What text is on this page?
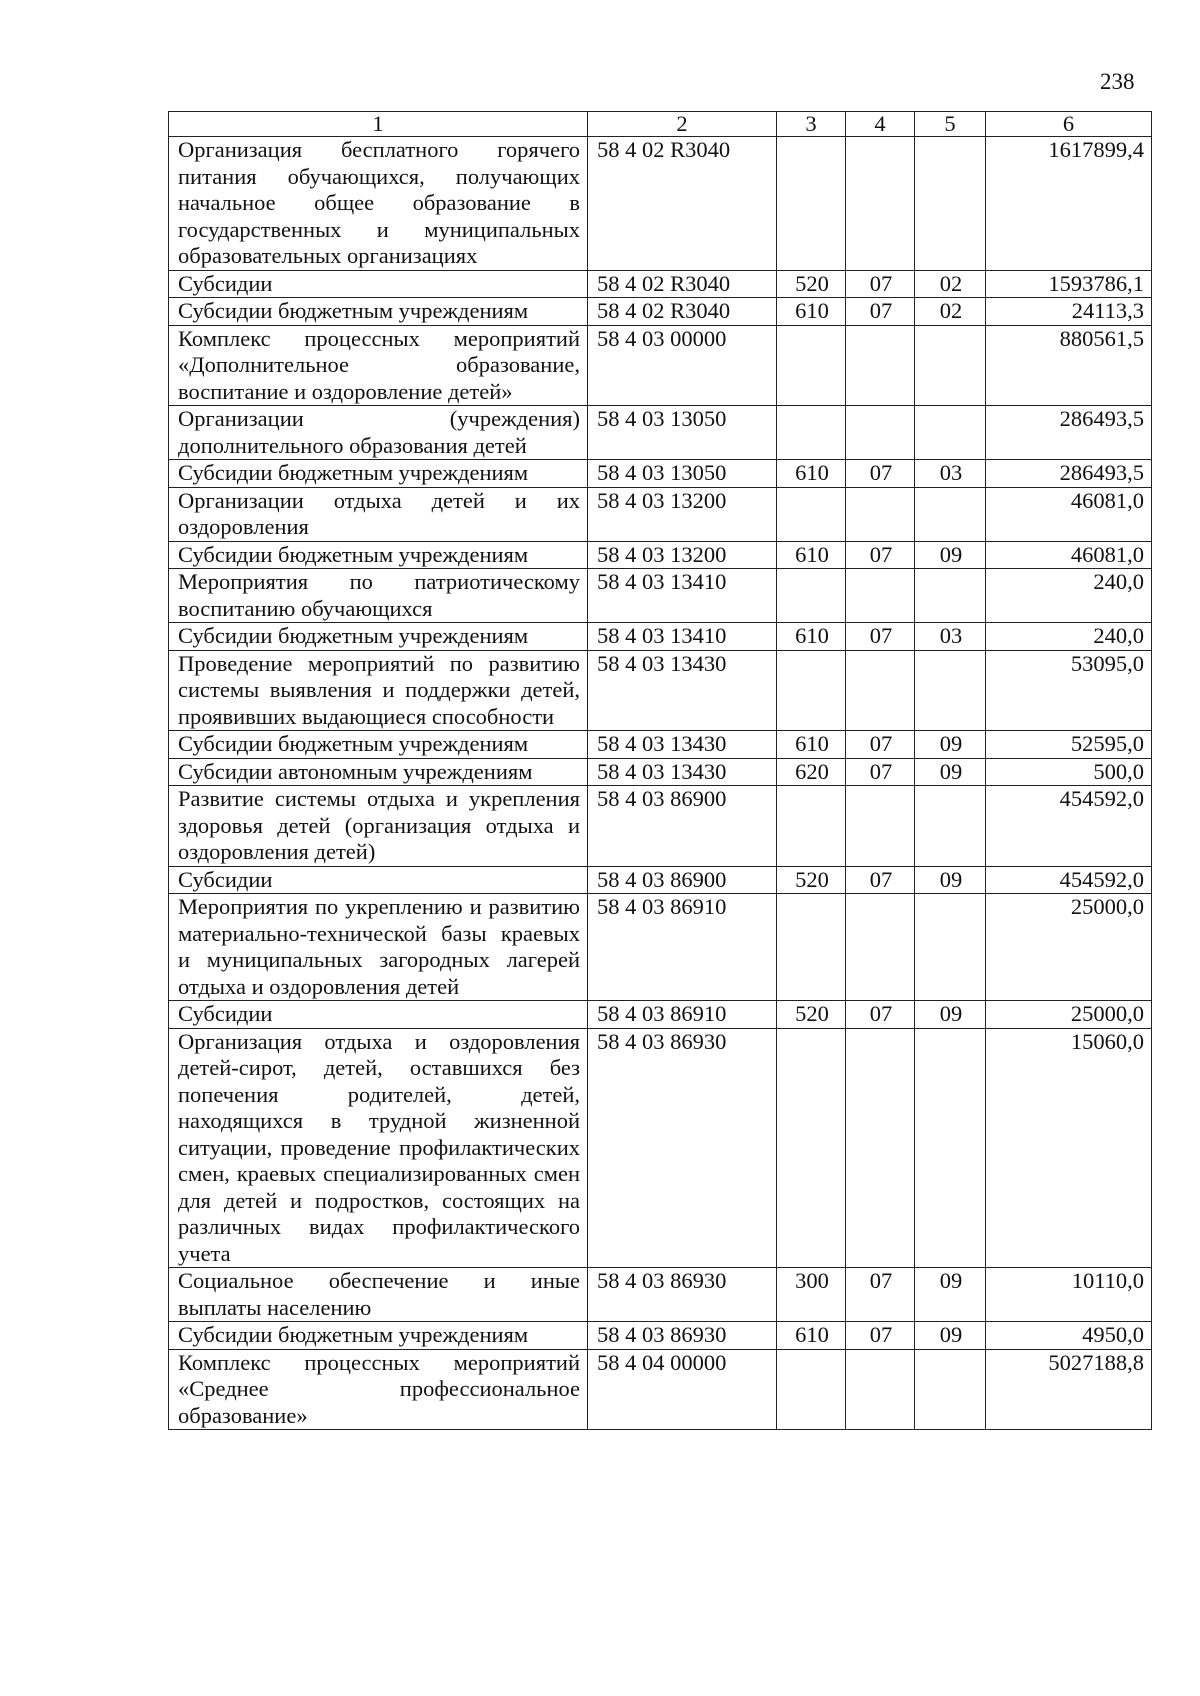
238
1	2	3	4	5	6
Организация бесплатного горячего питания обучающихся, получающих начальное общее образование в государственных и муниципальных образовательных организациях	58 4 02 R3040				1617899,4
Субсидии	58 4 02 R3040	520	07	02	1593786,1
Субсидии бюджетным учреждениям	58 4 02 R3040	610	07	02	24113,3
Комплекс процессных мероприятий «Дополнительное образование, воспитание и оздоровление детей»	58 4 03 00000				880561,5
Организации (учреждения) дополнительного образования детей	58 4 03 13050				286493,5
Субсидии бюджетным учреждениям	58 4 03 13050	610	07	03	286493,5
Организации отдыха детей и их оздоровления	58 4 03 13200				46081,0
Субсидии бюджетным учреждениям	58 4 03 13200	610	07	09	46081,0
Мероприятия по патриотическому воспитанию обучающихся	58 4 03 13410				240,0
Субсидии бюджетным учреждениям	58 4 03 13410	610	07	03	240,0
Проведение мероприятий по развитию системы выявления и поддержки детей, проявивших выдающиеся способности	58 4 03 13430				53095,0
Субсидии бюджетным учреждениям	58 4 03 13430	610	07	09	52595,0
Субсидии автономным учреждениям	58 4 03 13430	620	07	09	500,0
Развитие системы отдыха и укрепления здоровья детей (организация отдыха и оздоровления детей)	58 4 03 86900				454592,0
Субсидии	58 4 03 86900	520	07	09	454592,0
Мероприятия по укреплению и развитию материально-технической базы краевых и муниципальных загородных лагерей отдыха и оздоровления детей	58 4 03 86910				25000,0
Субсидии	58 4 03 86910	520	07	09	25000,0
Организация отдыха и оздоровления детей-сирот, детей, оставшихся без попечения родителей, детей, находящихся в трудной жизненной ситуации, проведение профилактических смен, краевых специализированных смен для детей и подростков, состоящих на различных видах профилактического учета	58 4 03 86930				15060,0
Социальное обеспечение и иные выплаты населению	58 4 03 86930	300	07	09	10110,0
Субсидии бюджетным учреждениям	58 4 03 86930	610	07	09	4950,0
Комплекс процессных мероприятий «Среднее профессиональное образование»	58 4 04 00000				5027188,8
